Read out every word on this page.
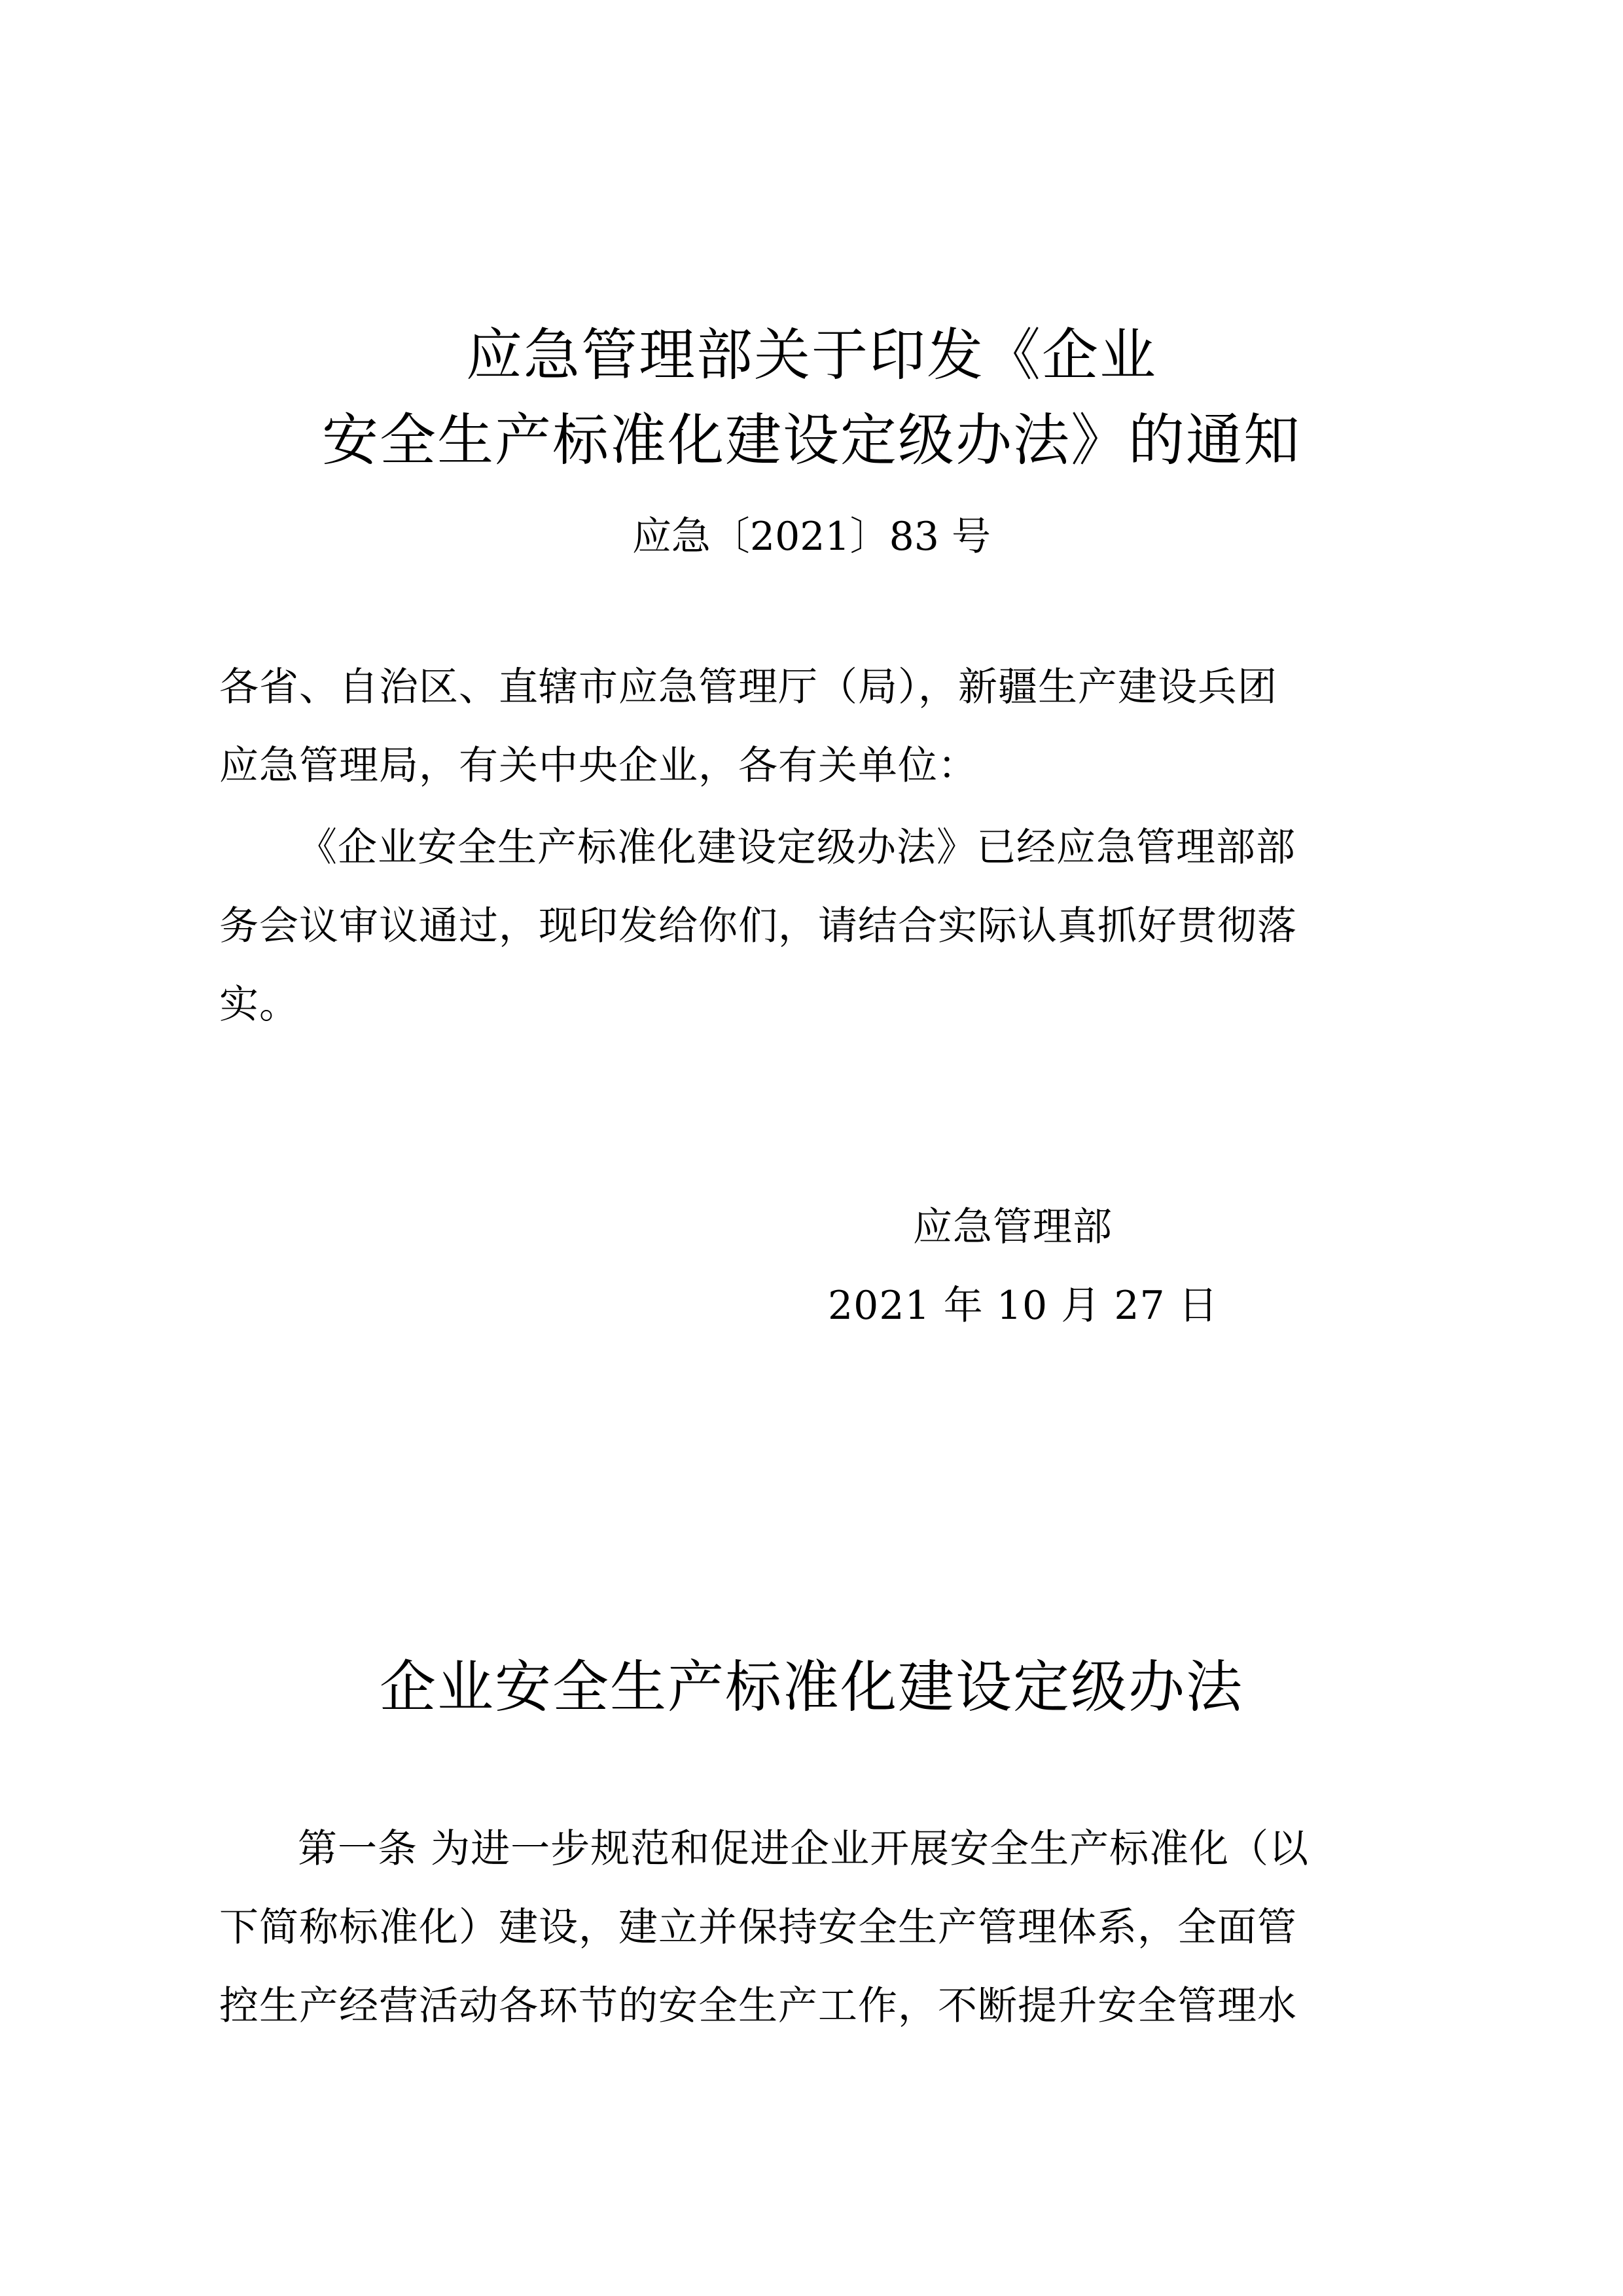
应急管理部关于印发《企业
安全生产标准化建设定级办法》的通知
应急〔2021〕83 号
各省、自治区、直辖市应急管理厅（局），新疆生产建设兵团
应急管理局，有关中央企业，各有关单位：
《企业安全生产标准化建设定级办法》已经应急管理部部
务会议审议通过，现印发给你们，请结合实际认真抓好贯彻落
实。
应急管理部
2021 年 10 月 27 日
企业安全生产标准化建设定级办法
第一条 为进一步规范和促进企业开展安全生产标准化（以
下简称标准化）建设，建立并保持安全生产管理体系，全面管
控生产经营活动各环节的安全生产工作，不断提升安全管理水
